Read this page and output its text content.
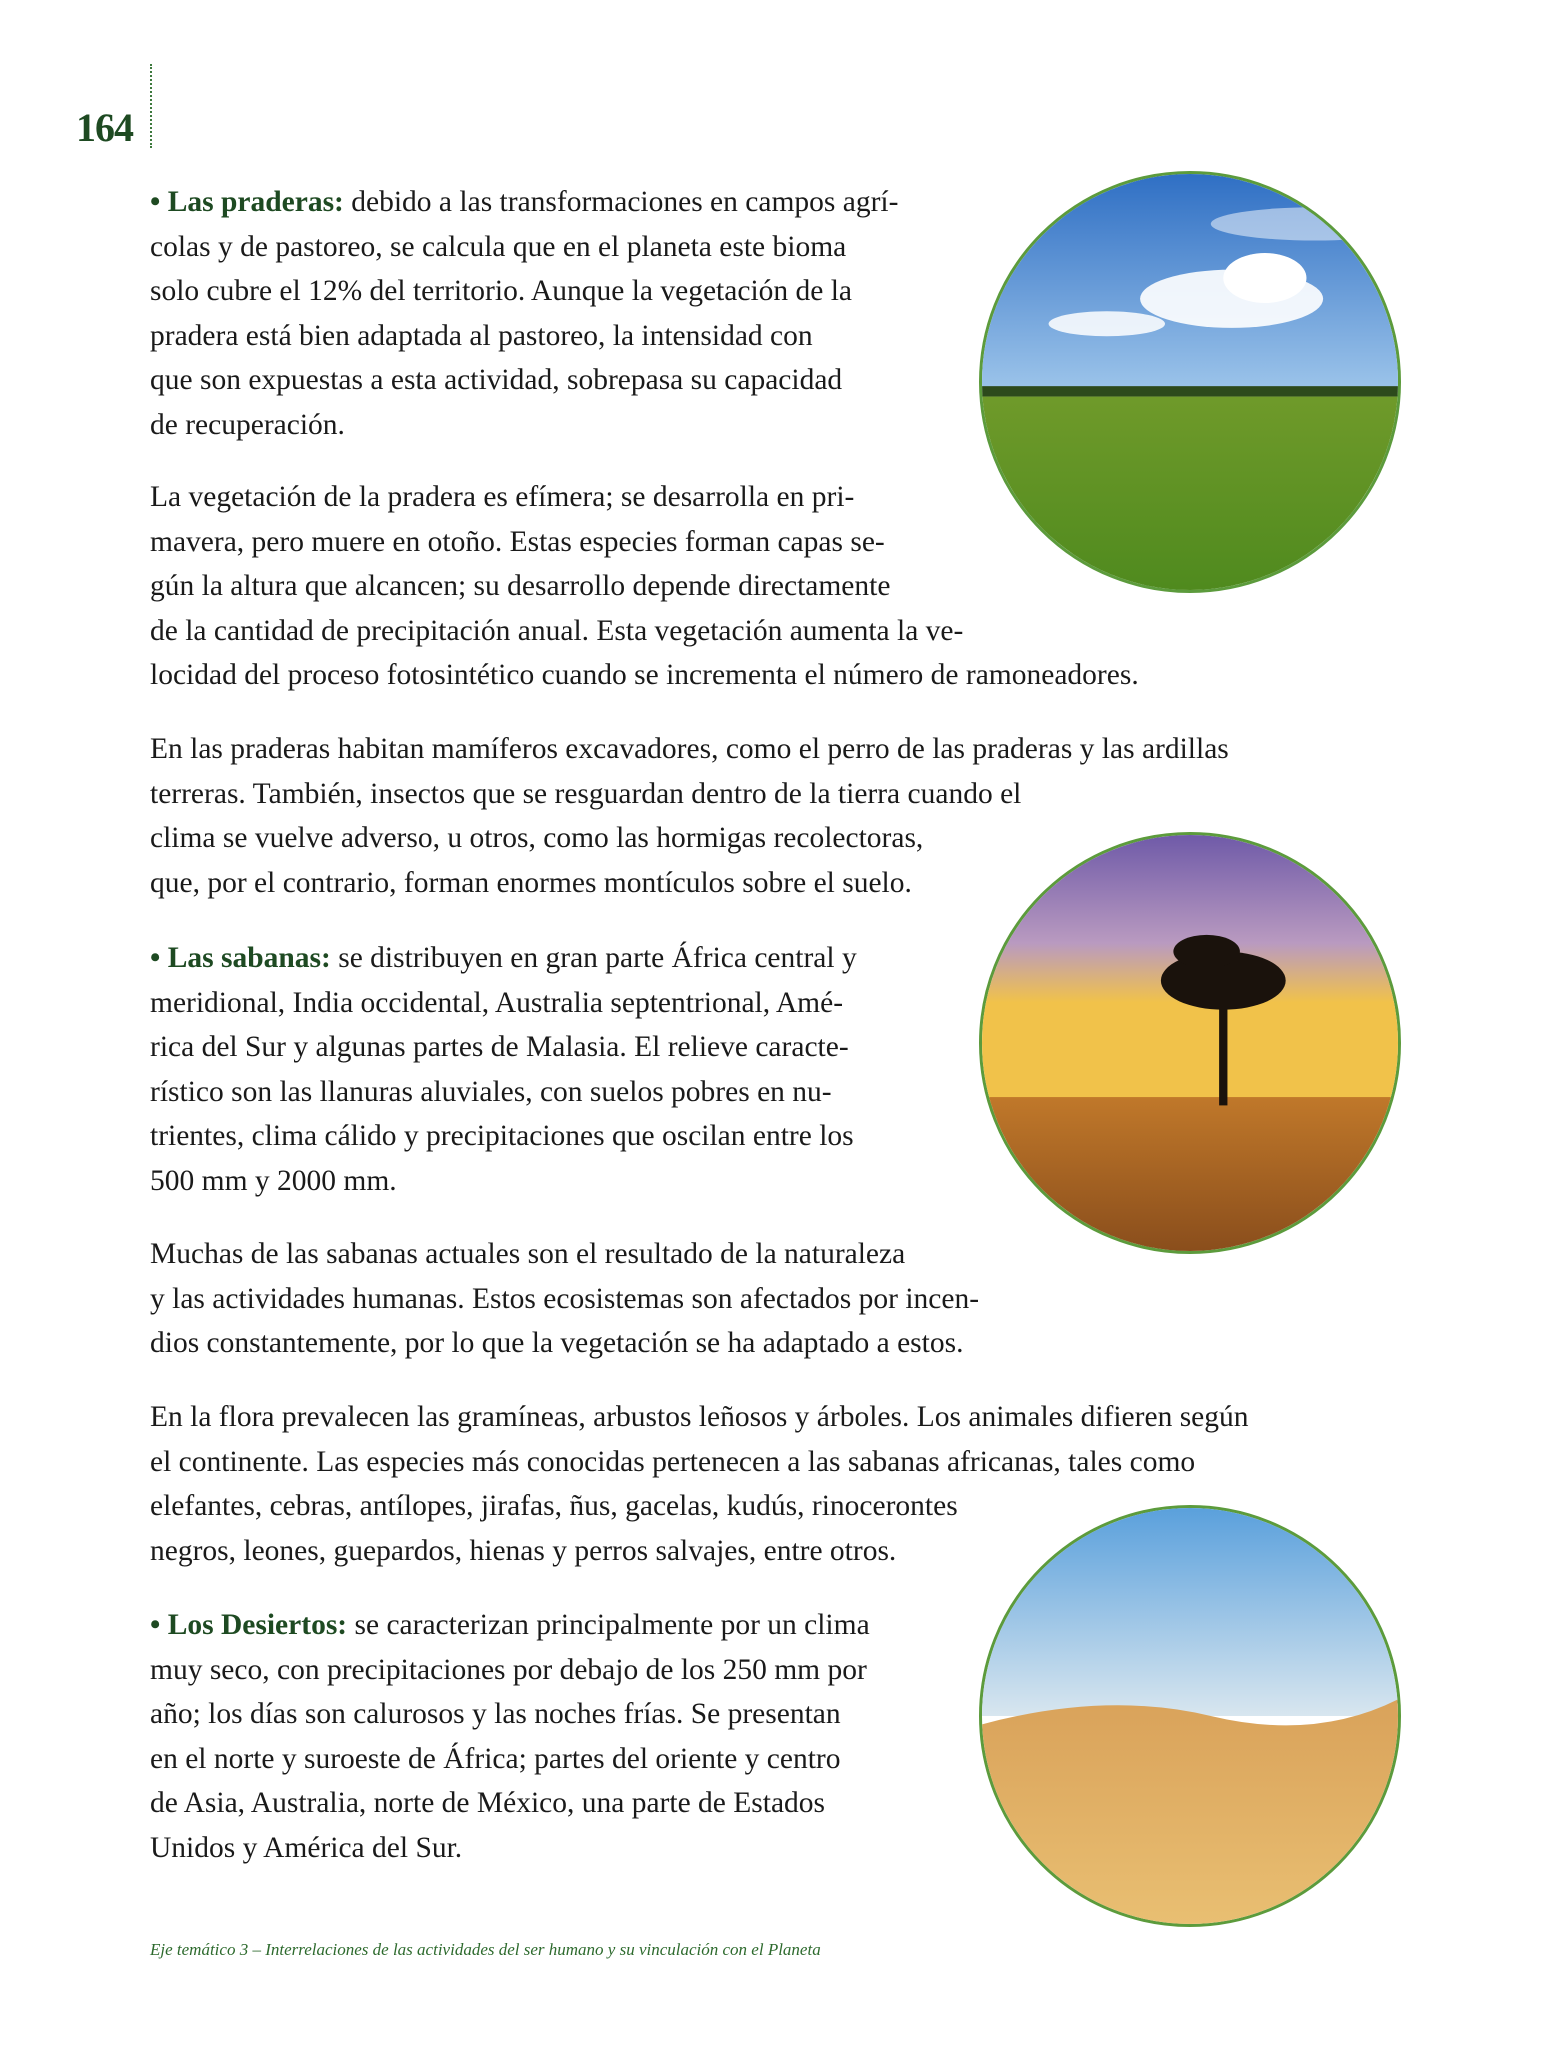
164
• Las praderas: debido a las transformaciones en campos agrí-
colas y de pastoreo, se calcula que en el planeta este bioma
solo cubre el 12% del territorio. Aunque la vegetación de la
pradera está bien adaptada al pastoreo, la intensidad con
que son expuestas a esta actividad, sobrepasa su capacidad
de recuperación.
La vegetación de la pradera es efímera; se desarrolla en pri-
mavera, pero muere en otoño. Estas especies forman capas se-
gún la altura que alcancen; su desarrollo depende directamente
de la cantidad de precipitación anual. Esta vegetación aumenta la ve-
locidad del proceso fotosintético cuando se incrementa el número de ramoneadores.
En las praderas habitan mamíferos excavadores, como el perro de las praderas y las ardillas
terreras. También, insectos que se resguardan dentro de la tierra cuando el
clima se vuelve adverso, u otros, como las hormigas recolectoras,
que, por el contrario, forman enormes montículos sobre el suelo.
• Las sabanas: se distribuyen en gran parte África central y
meridional, India occidental, Australia septentrional, Amé-
rica del Sur y algunas partes de Malasia. El relieve caracte-
rístico son las llanuras aluviales, con suelos pobres en nu-
trientes, clima cálido y precipitaciones que oscilan entre los
500 mm y 2000 mm.
Muchas de las sabanas actuales son el resultado de la naturaleza
y las actividades humanas. Estos ecosistemas son afectados por incen-
dios constantemente, por lo que la vegetación se ha adaptado a estos.
En la flora prevalecen las gramíneas, arbustos leñosos y árboles. Los animales difieren según
el continente. Las especies más conocidas pertenecen a las sabanas africanas, tales como
elefantes, cebras, antílopes, jirafas, ñus, gacelas, kudús, rinocerontes
negros, leones, guepardos, hienas y perros salvajes, entre otros.
• Los Desiertos: se caracterizan principalmente por un clima
muy seco, con precipitaciones por debajo de los 250 mm por
año; los días son calurosos y las noches frías. Se presentan
en el norte y suroeste de África; partes del oriente y centro
de Asia, Australia, norte de México, una parte de Estados
Unidos y América del Sur.
Eje temático 3 – Interrelaciones de las actividades del ser humano y su vinculación con el Planeta
